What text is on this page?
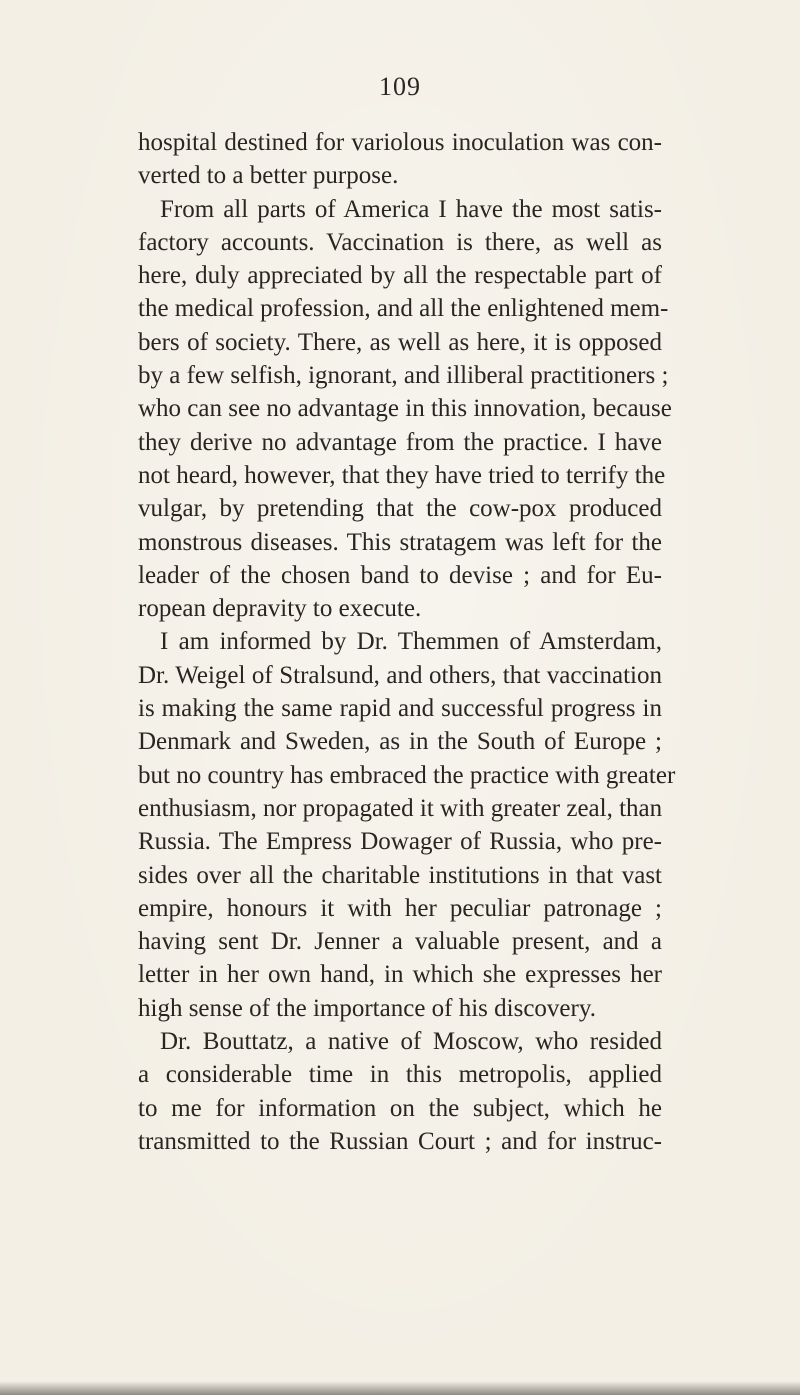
109
hospital destined for variolous inoculation was con-
verted to a better purpose.
From all parts of America I have the most satis-
factory accounts. Vaccination is there, as well as
here, duly appreciated by all the respectable part of
the medical profession, and all the enlightened mem-
bers of society. There, as well as here, it is opposed
by a few selfish, ignorant, and illiberal practitioners ;
who can see no advantage in this innovation, because
they derive no advantage from the practice. I have
not heard, however, that they have tried to terrify the
vulgar, by pretending that the cow-pox produced
monstrous diseases. This stratagem was left for the
leader of the chosen band to devise ; and for Eu-
ropean depravity to execute.
I am informed by Dr. Themmen of Amsterdam,
Dr. Weigel of Stralsund, and others, that vaccination
is making the same rapid and successful progress in
Denmark and Sweden, as in the South of Europe ;
but no country has embraced the practice with greater
enthusiasm, nor propagated it with greater zeal, than
Russia. The Empress Dowager of Russia, who pre-
sides over all the charitable institutions in that vast
empire, honours it with her peculiar patronage ;
having sent Dr. Jenner a valuable present, and a
letter in her own hand, in which she expresses her
high sense of the importance of his discovery.
Dr. Bouttatz, a native of Moscow, who resided
a considerable time in this metropolis, applied
to me for information on the subject, which he
transmitted to the Russian Court ; and for instruc-
